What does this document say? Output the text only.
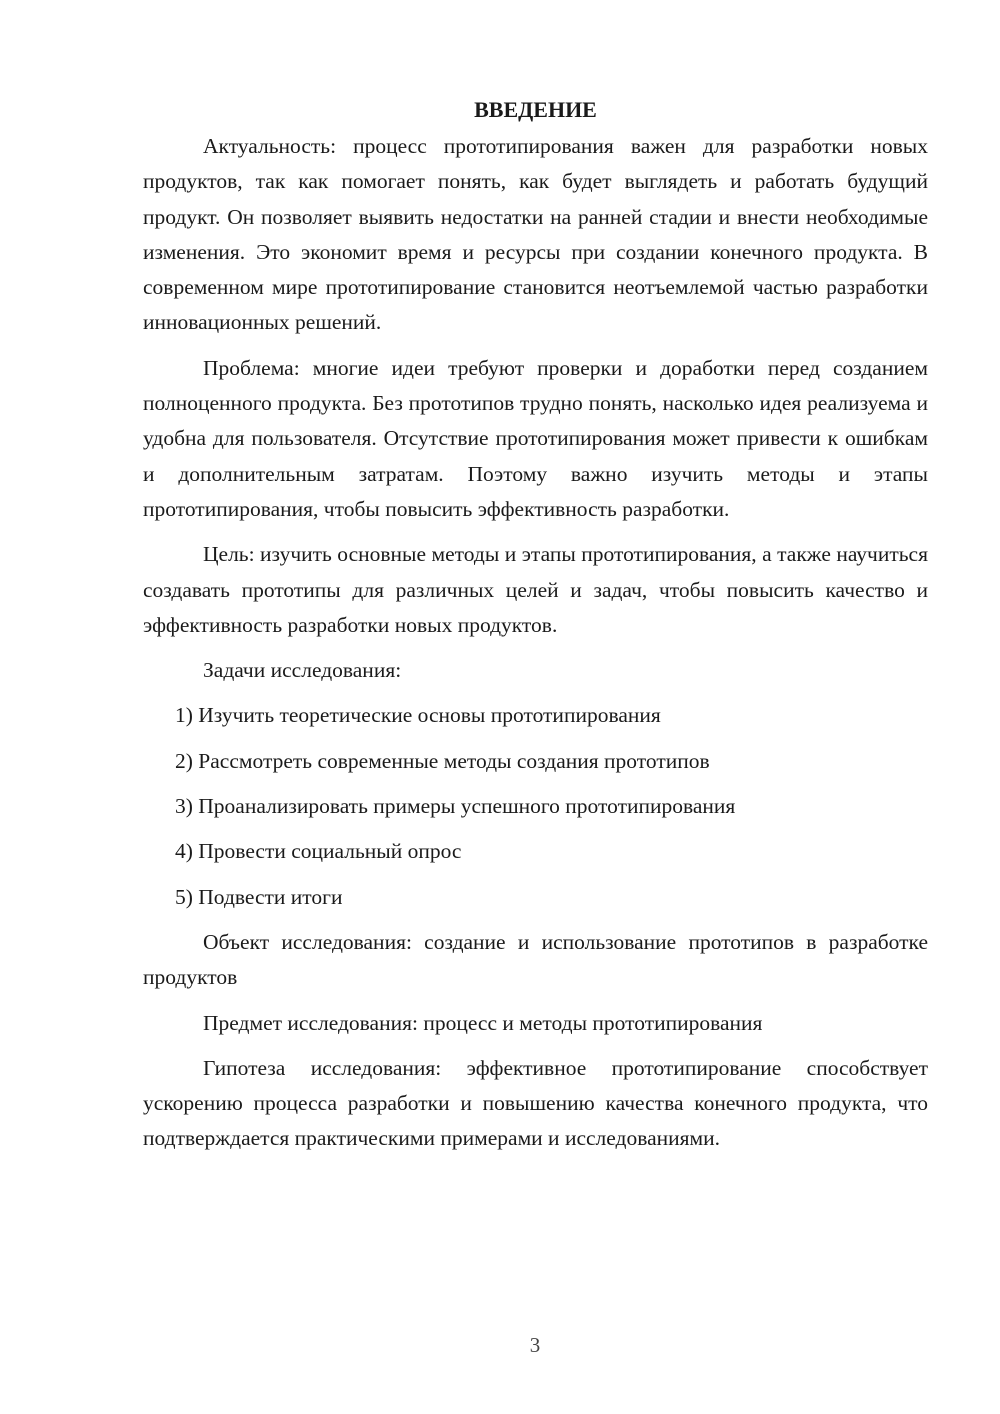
ВВЕДЕНИЕ

Актуальность: процесс прототипирования важен для разработки новых продуктов, так как помогает понять, как будет выглядеть и работать будущий продукт. Он позволяет выявить недостатки на ранней стадии и внести необходимые изменения. Это экономит время и ресурсы при создании конечного продукта. В современном мире прототипирование становится неотъемлемой частью разработки инновационных решений.

Проблема: многие идеи требуют проверки и доработки перед созданием полноценного продукта. Без прототипов трудно понять, насколько идея реализуема и удобна для пользователя. Отсутствие прототипирования может привести к ошибкам и дополнительным затратам. Поэтому важно изучить методы и этапы прототипирования, чтобы повысить эффективность разработки.

Цель: изучить основные методы и этапы прототипирования, а также научиться создавать прототипы для различных целей и задач, чтобы повысить качество и эффективность разработки новых продуктов.

Задачи исследования:

1) Изучить теоретические основы прототипирования
2) Рассмотреть современные методы создания прототипов
3) Проанализировать примеры успешного прототипирования
4) Провести социальный опрос
5) Подвести итоги

Объект исследования: создание и использование прототипов в разработке продуктов

Предмет исследования: процесс и методы прототипирования

Гипотеза исследования: эффективное прототипирование способствует ускорению процесса разработки и повышению качества конечного продукта, что подтверждается практическими примерами и исследованиями.

3
